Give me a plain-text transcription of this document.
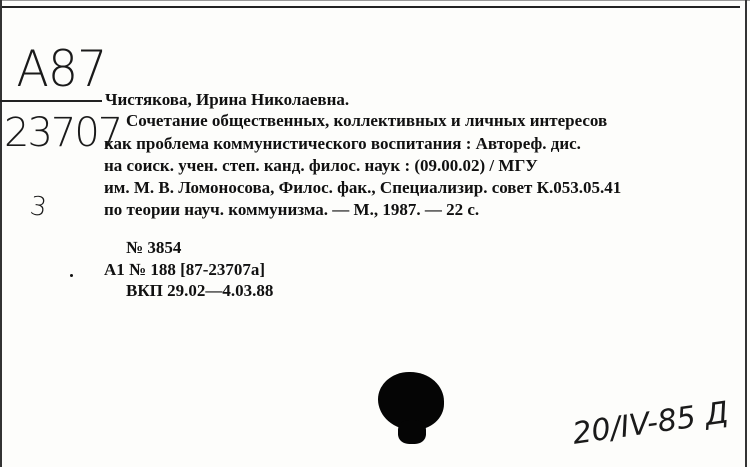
A87
23707
3
Чистякова, Ирина Николаевна.
Сочетание общественных, коллективных и личных интересов
как проблема коммунистического воспитания : Автореф. дис.
на соиск. учен. степ. канд. филос. наук : (09.00.02) / МГУ
им. М. В. Ломоносова, Филос. фак., Специализир. совет К.053.05.41
по теории науч. коммунизма. — М., 1987. — 22 с.
№ 3854
А1 № 188 [87-23707а]
ВКП 29.02—4.03.88
20/IV-85 Д
